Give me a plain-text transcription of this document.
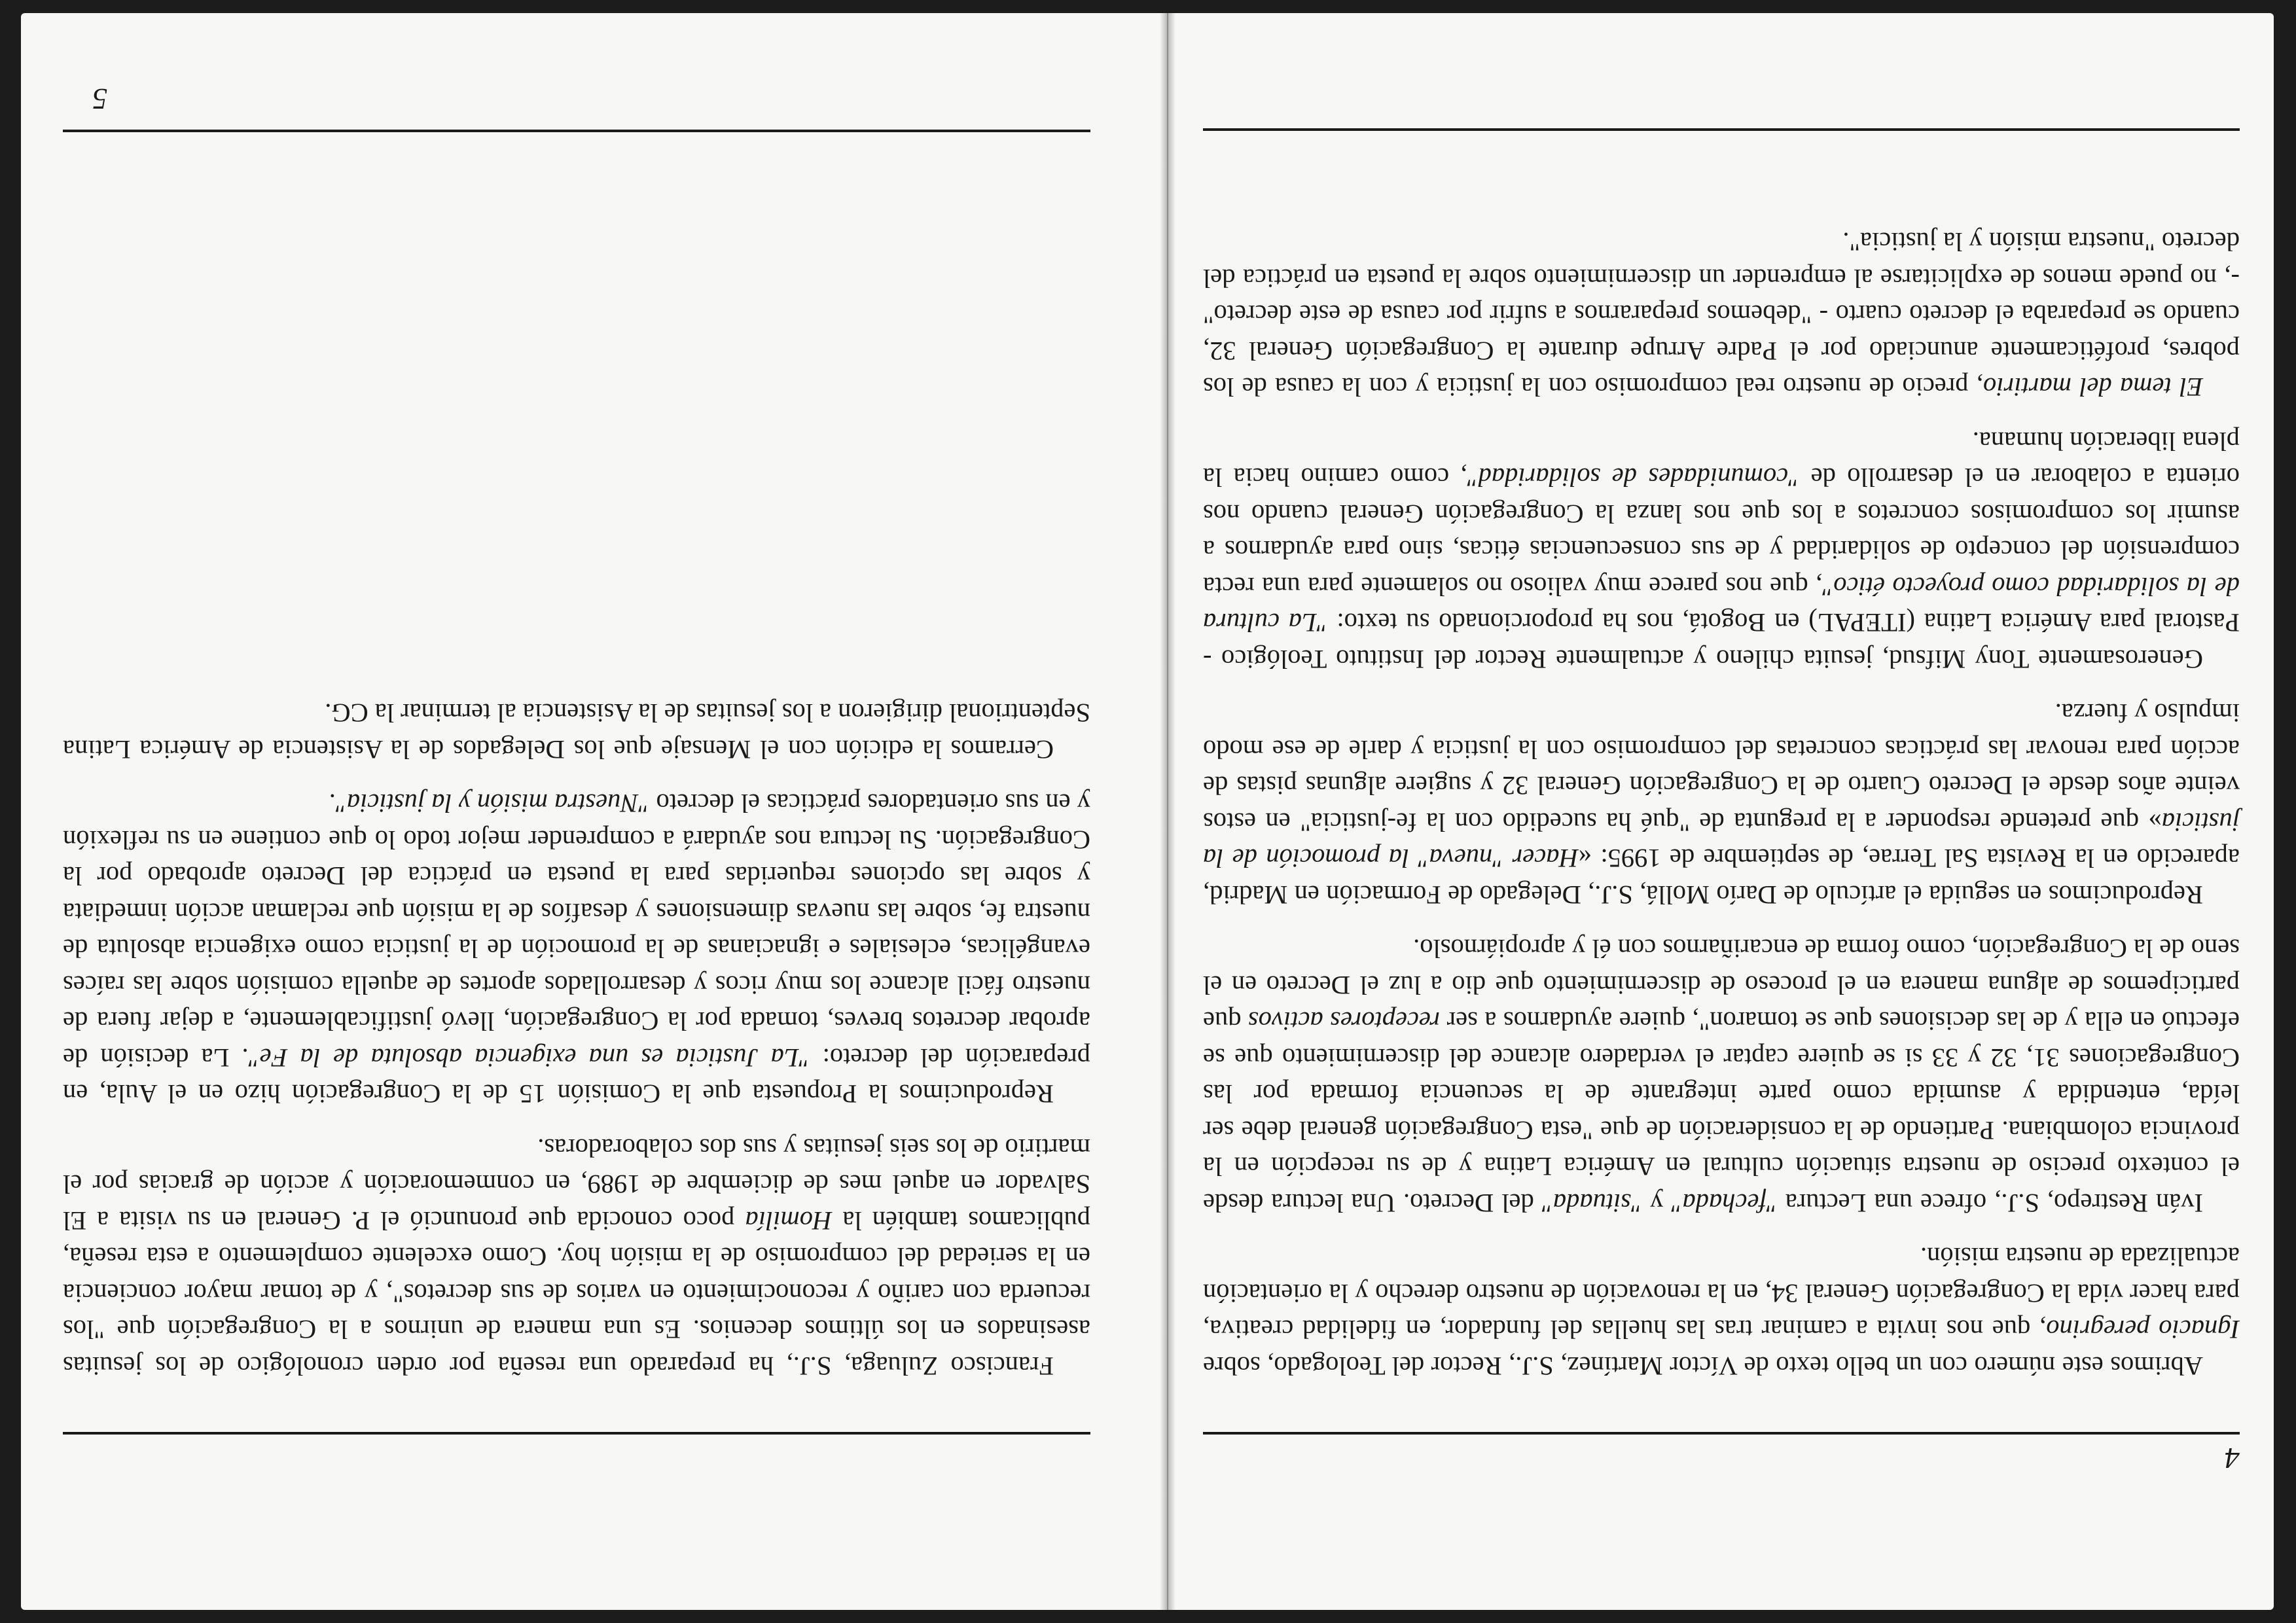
4

Abrimos este número con un bello texto de Víctor Martínez, S.J., Rector del Teologado, sobre Ignacio peregrino, que nos invita a caminar tras las huellas del fundador, en fidelidad creativa, para hacer vida la Congregación General 34, en la renovación de nuestro derecho y la orientación actualizada de nuestra misión.

Iván Restrepo, S.J., ofrece una Lectura "fechada" y "situada" del Decreto. Una lectura desde el contexto preciso de nuestra situación cultural en América Latina y de su recepción en la provincia colombiana. Partiendo de la consideración de que "esta Congregación general debe ser leída, entendida y asumida como parte integrante de la secuencia formada por las Congregaciones 31, 32 y 33 si se quiere captar el verdadero alcance del discernimiento que se efectuó en ella y de las decisiones que se tomaron", quiere ayudarnos a ser receptores activos que participemos de alguna manera en el proceso de discernimiento que dio a luz el Decreto en el seno de la Congregación, como forma de encariñarnos con él y apropiárnoslo.

Reproducimos en seguida el artículo de Darío Mollá, S.J., Delegado de Formación en Madrid, aparecido en la Revista Sal Terrae, de septiembre de 1995: «Hacer "nueva" la promoción de la justicia» que pretende responder a la pregunta de "qué ha sucedido con la fe-justicia" en estos veinte años desde el Decreto Cuarto de la Congregación General 32 y sugiere algunas pistas de acción para renovar las prácticas concretas del compromiso con la justicia y darle de ese modo impulso y fuerza.

Generosamente Tony Mifsud, jesuita chileno y actualmente Rector del Instituto Teológico - Pastoral para América Latina (ITEPAL) en Bogotá, nos ha proporcionado su texto: "La cultura de la solidaridad como proyecto ético", que nos parece muy valioso no solamente para una recta comprensión del concepto de solidaridad y de sus consecuencias éticas, sino para ayudarnos a asumir los compromisos concretos a los que nos lanza la Congregación General cuando nos orienta a colaborar en el desarrollo de "comunidades de solidaridad", como camino hacia la plena liberación humana.

El tema del martirio, precio de nuestro real compromiso con la justicia y con la causa de los pobres, proféticamente anunciado por el Padre Arrupe durante la Congregación General 32, cuando se preparaba el decreto cuarto - "debemos prepararnos a sufrir por causa de este decreto" -, no puede menos de explicitarse al emprender un discernimiento sobre la puesta en práctica del decreto "nuestra misión y la justicia".

Francisco Zuluaga, S.J., ha preparado una reseña por orden cronológico de los jesuitas asesinados en los últimos decenios. Es una manera de unirnos a la Congregación que "los recuerda con cariño y reconocimiento en varios de sus decretos", y de tomar mayor conciencia en la seriedad del compromiso de la misión hoy. Como excelente complemento a esta reseña, publicamos también la Homilía poco conocida que pronunció el P. General en su visita a El Salvador en aquel mes de diciembre de 1989, en conmemoración y acción de gracias por el martirio de los seis jesuitas y sus dos colaboradoras.

Reproducimos la Propuesta que la Comisión 15 de la Congregación hizo en el Aula, en preparación del decreto: "La Justicia es una exigencia absoluta de la Fe". La decisión de aprobar decretos breves, tomada por la Congregación, llevó justificablemente, a dejar fuera de nuestro fácil alcance los muy ricos y desarrollados aportes de aquella comisión sobre las raíces evangélicas, eclesiales e ignacianas de la promoción de la justicia como exigencia absoluta de nuestra fe, sobre las nuevas dimensiones y desafíos de la misión que reclaman acción inmediata y sobre las opciones requeridas para la puesta en práctica del Decreto aprobado por la Congregación. Su lectura nos ayudará a comprender mejor todo lo que contiene en su reflexión y en sus orientadores prácticas el decreto "Nuestra misión y la justicia".

Cerramos la edición con el Mensaje que los Delegados de la Asistencia de América Latina Septentrional dirigieron a los jesuitas de la Asistencia al terminar la CG.

5
